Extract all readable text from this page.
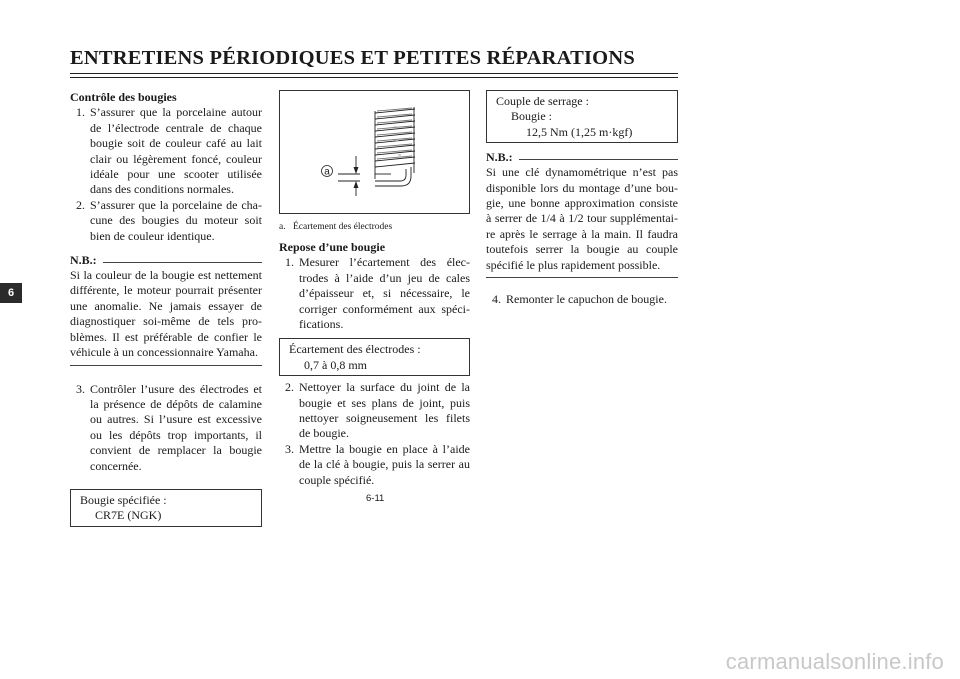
ENTRETIENS PÉRIODIQUES ET PETITES RÉPARATIONS
6

Contrôle des bougies

1. S’assurer que la porcelaine autour de l’électrode centrale de chaque bougie soit de couleur café au lait clair ou légèrement foncé, couleur idéale pour une scooter utilisée dans des conditions normales.
2. S’assurer que la porcelaine de cha-cune des bougies du moteur soit bien de couleur identique.
N.B.:
Si la couleur de la bougie est nettement différente, le moteur pourrait présenter une anomalie. Ne jamais essayer de diagnostiquer soi-même de tels pro-blèmes. Il est préférable de confier le véhicule à un concessionnaire Yamaha.
3. Contrôler l’usure des électrodes et la présence de dépôts de calamine ou autres. Si l’usure est excessive ou les dépôts trop importants, il convient de remplacer la bougie concernée.
Bougie spécifiée :
CR7E (NGK)
a
a. Écartement des électrodes

Repose d’une bougie

1. Mesurer l’écartement des élec-trodes à l’aide d’un jeu de cales d’épaisseur et, si nécessaire, le corriger conformément aux spéci-fications.
Écartement des électrodes :
0,7 à 0,8 mm
2. Nettoyer la surface du joint de la bougie et ses plans de joint, puis nettoyer soigneusement les filets de bougie.
3. Mettre la bougie en place à l’aide de la clé à bougie, puis la serrer au couple spécifié.
Couple de serrage :
Bougie :
12,5 Nm (1,25 m·kgf)
N.B.:
Si une clé dynamométrique n’est pas disponible lors du montage d’une bou-gie, une bonne approximation consiste à serrer de 1/4 à 1/2 tour supplémentai-re après le serrage à la main. Il faudra toutefois serrer la bougie au couple spécifié le plus rapidement possible.
4. Remonter le capuchon de bougie.
6-11
carmanualsonline.info
